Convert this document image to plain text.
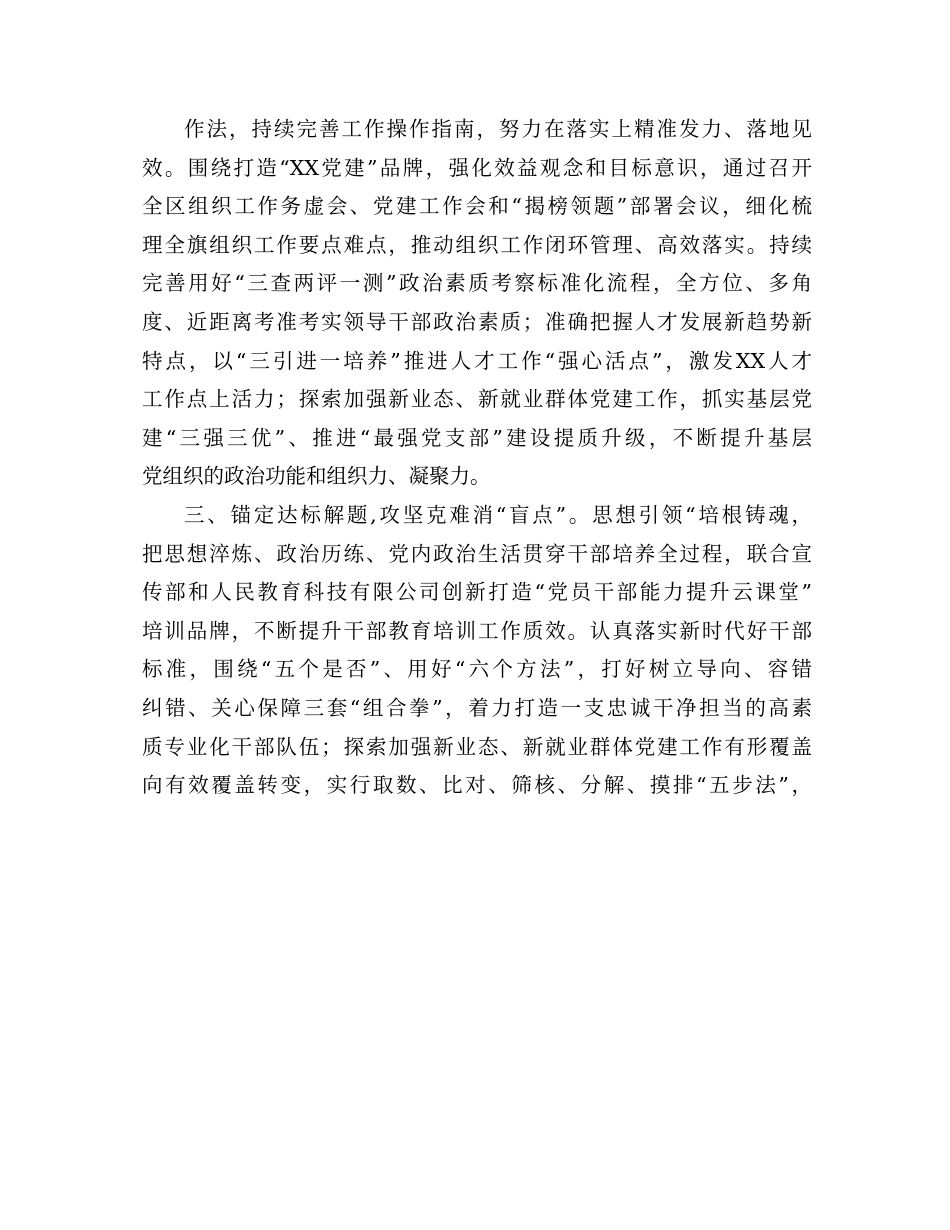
作法，持续完善工作操作指南，努力在落实上精准发力、落地见
效。围绕打造“XX党建”品牌，强化效益观念和目标意识，通过召开
全区组织工作务虚会、党建工作会和“揭榜领题”部署会议，细化梳
理全旗组织工作要点难点，推动组织工作闭环管理、高效落实。持续
完善用好“三查两评一测”政治素质考察标准化流程，全方位、多角
度、近距离考准考实领导干部政治素质；准确把握人才发展新趋势新
特点，以“三引进一培养”推进人才工作“强心活点”，激发XX人才
工作点上活力；探索加强新业态、新就业群体党建工作，抓实基层党
建“三强三优”、推进“最强党支部”建设提质升级，不断提升基层
党组织的政治功能和组织力、凝聚力。
三、锚定达标解题,攻坚克难消“盲点”。思想引领“培根铸魂，
把思想淬炼、政治历练、党内政治生活贯穿干部培养全过程，联合宣
传部和人民教育科技有限公司创新打造“党员干部能力提升云课堂”
培训品牌，不断提升干部教育培训工作质效。认真落实新时代好干部
标准，围绕“五个是否”、用好“六个方法”，打好树立导向、容错
纠错、关心保障三套“组合拳”，着力打造一支忠诚干净担当的高素
质专业化干部队伍；探索加强新业态、新就业群体党建工作有形覆盖
向有效覆盖转变，实行取数、比对、筛核、分解、摸排“五步法”，
